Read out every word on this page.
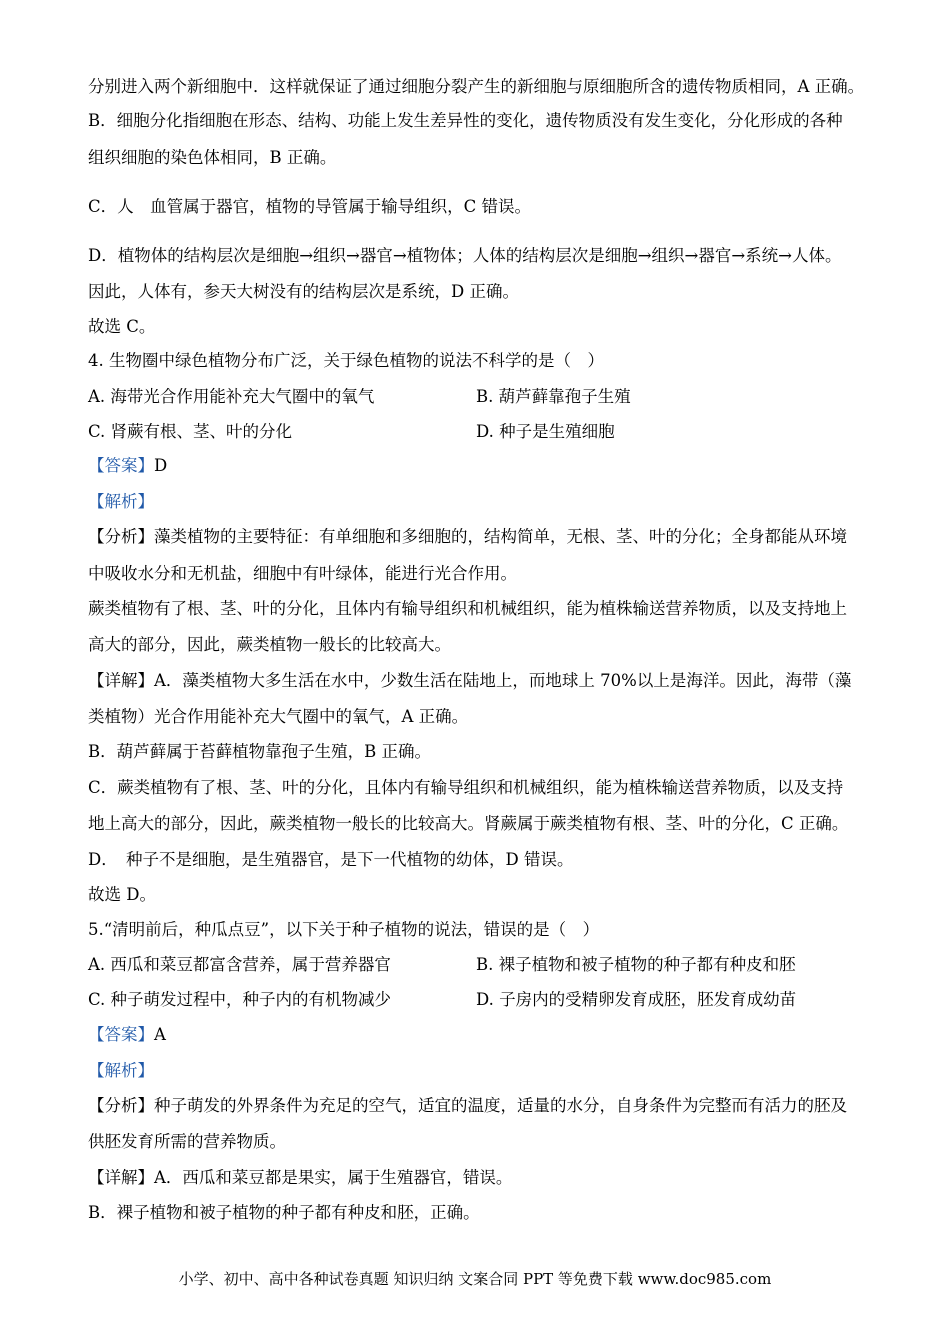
分别进入两个新细胞中．这样就保证了通过细胞分裂产生的新细胞与原细胞所含的遗传物质相同，A 正确。
B．细胞分化指细胞在形态、结构、功能上发生差异性的变化，遗传物质没有发生变化，分化形成的各种
组织细胞的染色体相同，B 正确。
C．人　血管属于器官，植物的导管属于输导组织，C 错误。
D．植物体的结构层次是细胞→组织→器官→植物体；人体的结构层次是细胞→组织→器官→系统→人体。
因此，人体有，参天大树没有的结构层次是系统，D 正确。
故选 C。
4. 生物圈中绿色植物分布广泛，关于绿色植物的说法不科学的是（　）
A. 海带光合作用能补充大气圈中的氧气	B. 葫芦藓靠孢子生殖
C. 肾蕨有根、茎、叶的分化	D. 种子是生殖细胞
【答案】D
【解析】
【分析】藻类植物的主要特征：有单细胞和多细胞的，结构简单，无根、茎、叶的分化；全身都能从环境
中吸收水分和无机盐，细胞中有叶绿体，能进行光合作用。
蕨类植物有了根、茎、叶的分化，且体内有输导组织和机械组织，能为植株输送营养物质，以及支持地上
高大的部分，因此，蕨类植物一般长的比较高大。
【详解】A．藻类植物大多生活在水中，少数生活在陆地上，而地球上 70%以上是海洋。因此，海带（藻
类植物）光合作用能补充大气圈中的氧气，A 正确。
B．葫芦藓属于苔藓植物靠孢子生殖，B 正确。
C．蕨类植物有了根、茎、叶的分化，且体内有输导组织和机械组织，能为植株输送营养物质，以及支持
地上高大的部分，因此，蕨类植物一般长的比较高大。肾蕨属于蕨类植物有根、茎、叶的分化，C 正确。
D．　种子不是细胞，是生殖器官，是下一代植物的幼体，D 错误。
故选 D。
5.“清明前后，种瓜点豆”，以下关于种子植物的说法，错误的是（　）
A. 西瓜和菜豆都富含营养，属于营养器官	B. 裸子植物和被子植物的种子都有种皮和胚
C. 种子萌发过程中，种子内的有机物减少	D. 子房内的受精卵发育成胚，胚发育成幼苗
【答案】A
【解析】
【分析】种子萌发的外界条件为充足的空气，适宜的温度，适量的水分，自身条件为完整而有活力的胚及
供胚发育所需的营养物质。
【详解】A．西瓜和菜豆都是果实，属于生殖器官，错误。
B．裸子植物和被子植物的种子都有种皮和胚，正确。
小学、初中、高中各种试卷真题 知识归纳 文案合同 PPT 等免费下载 www.doc985.com
